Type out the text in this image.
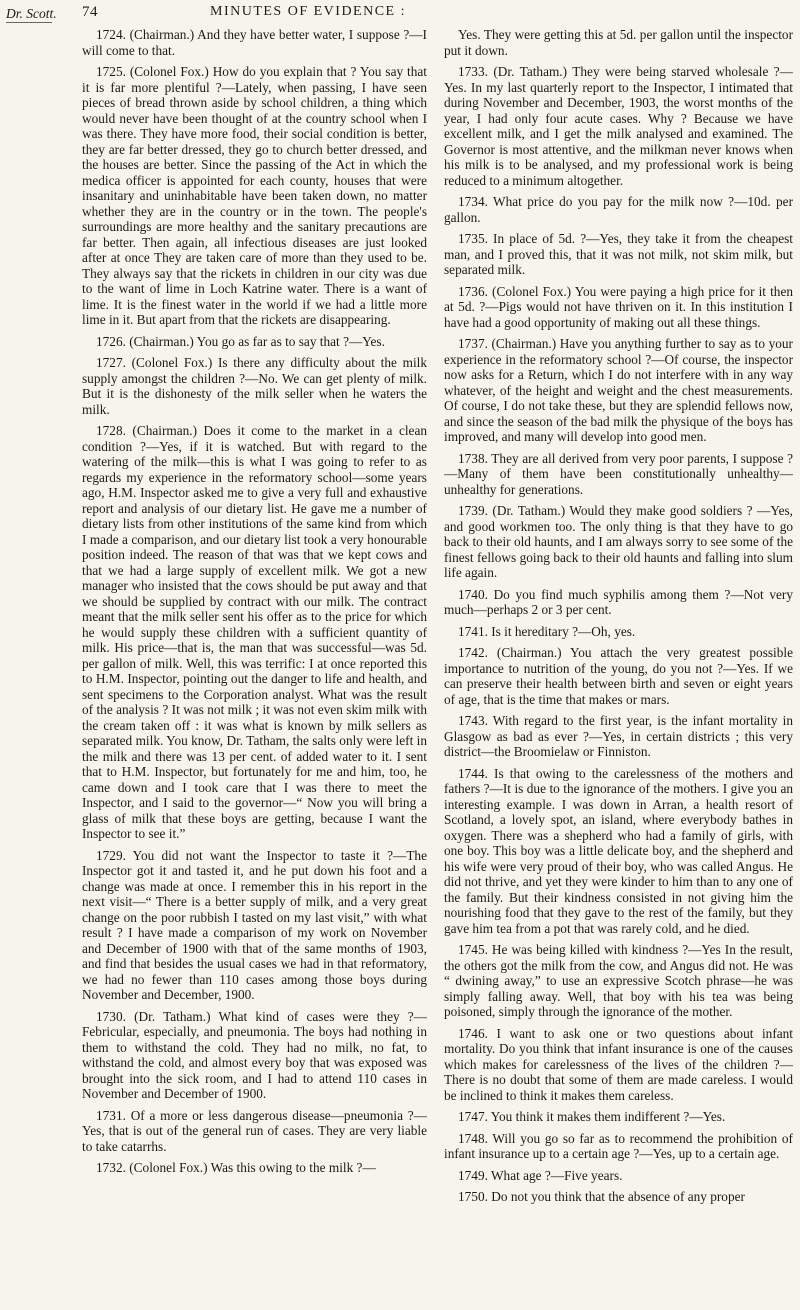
Dr. Scott.	74	MINUTES OF EVIDENCE :

1724. (Chairman.) And they have better water, I suppose ?—I will come to that.

1725. (Colonel Fox.) How do you explain that ? You say that it is far more plentiful ?—Lately, when passing, I have seen pieces of bread thrown aside by school children, a thing which would never have been thought of at the country school when I was there. They have more food, their social condition is better, they are far better dressed, they go to church better dressed, and the houses are better. Since the passing of the Act in which the medica officer is appointed for each county, houses that were insanitary and uninhabitable have been taken down, no matter whether they are in the country or in the town. The people's surroundings are more healthy and the sanitary precautions are far better. Then again, all infectious diseases are just looked after at once They are taken care of more than they used to be. They always say that the rickets in children in our city was due to the want of lime in Loch Katrine water. There is a want of lime. It is the finest water in the world if we had a little more lime in it. But apart from that the rickets are disappearing.

1726. (Chairman.) You go as far as to say that ?—Yes.

1727. (Colonel Fox.) Is there any difficulty about the milk supply amongst the children ?—No. We can get plenty of milk. But it is the dishonesty of the milk seller when he waters the milk.

1728. (Chairman.) Does it come to the market in a clean condition ?—Yes, if it is watched. But with regard to the watering of the milk—this is what I was going to refer to as regards my experience in the reformatory school—some years ago, H.M. Inspector asked me to give a very full and exhaustive report and analysis of our dietary list. He gave me a number of dietary lists from other institutions of the same kind from which I made a comparison, and our dietary list took a very honourable position indeed. The reason of that was that we kept cows and that we had a large supply of excellent milk. We got a new manager who insisted that the cows should be put away and that we should be supplied by contract with our milk. The contract meant that the milk seller sent his offer as to the price for which he would supply these children with a sufficient quantity of milk. His price—that is, the man that was successful—was 5d. per gallon of milk. Well, this was terrific: I at once reported this to H.M. Inspector, pointing out the danger to life and health, and sent specimens to the Corporation analyst. What was the result of the analysis ? It was not milk ; it was not even skim milk with the cream taken off : it was what is known by milk sellers as separated milk. You know, Dr. Tatham, the salts only were left in the milk and there was 13 per cent. of added water to it. I sent that to H.M. Inspector, but fortunately for me and him, too, he came down and I took care that I was there to meet the Inspector, and I said to the governor—“ Now you will bring a glass of milk that these boys are getting, because I want the Inspector to see it.”

1729. You did not want the Inspector to taste it ?—The Inspector got it and tasted it, and he put down his foot and a change was made at once. I remember this in his report in the next visit—“ There is a better supply of milk, and a very great change on the poor rubbish I tasted on my last visit,” with what result ? I have made a comparison of my work on November and December of 1900 with that of the same months of 1903, and find that besides the usual cases we had in that reformatory, we had no fewer than 110 cases among those boys during November and December, 1900.

1730. (Dr. Tatham.) What kind of cases were they ?—Febricular, especially, and pneumonia. The boys had nothing in them to withstand the cold. They had no milk, no fat, to withstand the cold, and almost every boy that was exposed was brought into the sick room, and I had to attend 110 cases in November and December of 1900.

1731. Of a more or less dangerous disease—pneumonia ?—Yes, that is out of the general run of cases. They are very liable to take catarrhs.

1732. (Colonel Fox.) Was this owing to the milk ?—

Yes. They were getting this at 5d. per gallon until the inspector put it down.

1733. (Dr. Tatham.) They were being starved wholesale ?—Yes. In my last quarterly report to the Inspector, I intimated that during November and December, 1903, the worst months of the year, I had only four acute cases. Why ? Because we have excellent milk, and I get the milk analysed and examined. The Governor is most attentive, and the milkman never knows when his milk is to be analysed, and my professional work is being reduced to a minimum altogether.

1734. What price do you pay for the milk now ?—10d. per gallon.

1735. In place of 5d. ?—Yes, they take it from the cheapest man, and I proved this, that it was not milk, not skim milk, but separated milk.

1736. (Colonel Fox.) You were paying a high price for it then at 5d. ?—Pigs would not have thriven on it. In this institution I have had a good opportunity of making out all these things.

1737. (Chairman.) Have you anything further to say as to your experience in the reformatory school ?—Of course, the inspector now asks for a Return, which I do not interfere with in any way whatever, of the height and weight and the chest measurements. Of course, I do not take these, but they are splendid fellows now, and since the season of the bad milk the physique of the boys has improved, and many will develop into good men.

1738. They are all derived from very poor parents, I suppose ?—Many of them have been constitutionally unhealthy—unhealthy for generations.

1739. (Dr. Tatham.) Would they make good soldiers ? —Yes, and good workmen too. The only thing is that they have to go back to their old haunts, and I am always sorry to see some of the finest fellows going back to their old haunts and falling into slum life again.

1740. Do you find much syphilis among them ?—Not very much—perhaps 2 or 3 per cent.

1741. Is it hereditary ?—Oh, yes.

1742. (Chairman.) You attach the very greatest possible importance to nutrition of the young, do you not ?—Yes. If we can preserve their health between birth and seven or eight years of age, that is the time that makes or mars.

1743. With regard to the first year, is the infant mortality in Glasgow as bad as ever ?—Yes, in certain districts ; this very district—the Broomielaw or Finniston.

1744. Is that owing to the carelessness of the mothers and fathers ?—It is due to the ignorance of the mothers. I give you an interesting example. I was down in Arran, a health resort of Scotland, a lovely spot, an island, where everybody bathes in oxygen. There was a shepherd who had a family of girls, with one boy. This boy was a little delicate boy, and the shepherd and his wife were very proud of their boy, who was called Angus. He did not thrive, and yet they were kinder to him than to any one of the family. But their kindness consisted in not giving him the nourishing food that they gave to the rest of the family, but they gave him tea from a pot that was rarely cold, and he died.

1745. He was being killed with kindness ?—Yes In the result, the others got the milk from the cow, and Angus did not. He was “ dwining away,” to use an expressive Scotch phrase—he was simply falling away. Well, that boy with his tea was being poisoned, simply through the ignorance of the mother.

1746. I want to ask one or two questions about infant mortality. Do you think that infant insurance is one of the causes which makes for carelessness of the lives of the children ?—There is no doubt that some of them are made careless. I would be inclined to think it makes them careless.

1747. You think it makes them indifferent ?—Yes.

1748. Will you go so far as to recommend the prohibition of infant insurance up to a certain age ?—Yes, up to a certain age.

1749. What age ?—Five years.

1750. Do not you think that the absence of any proper
